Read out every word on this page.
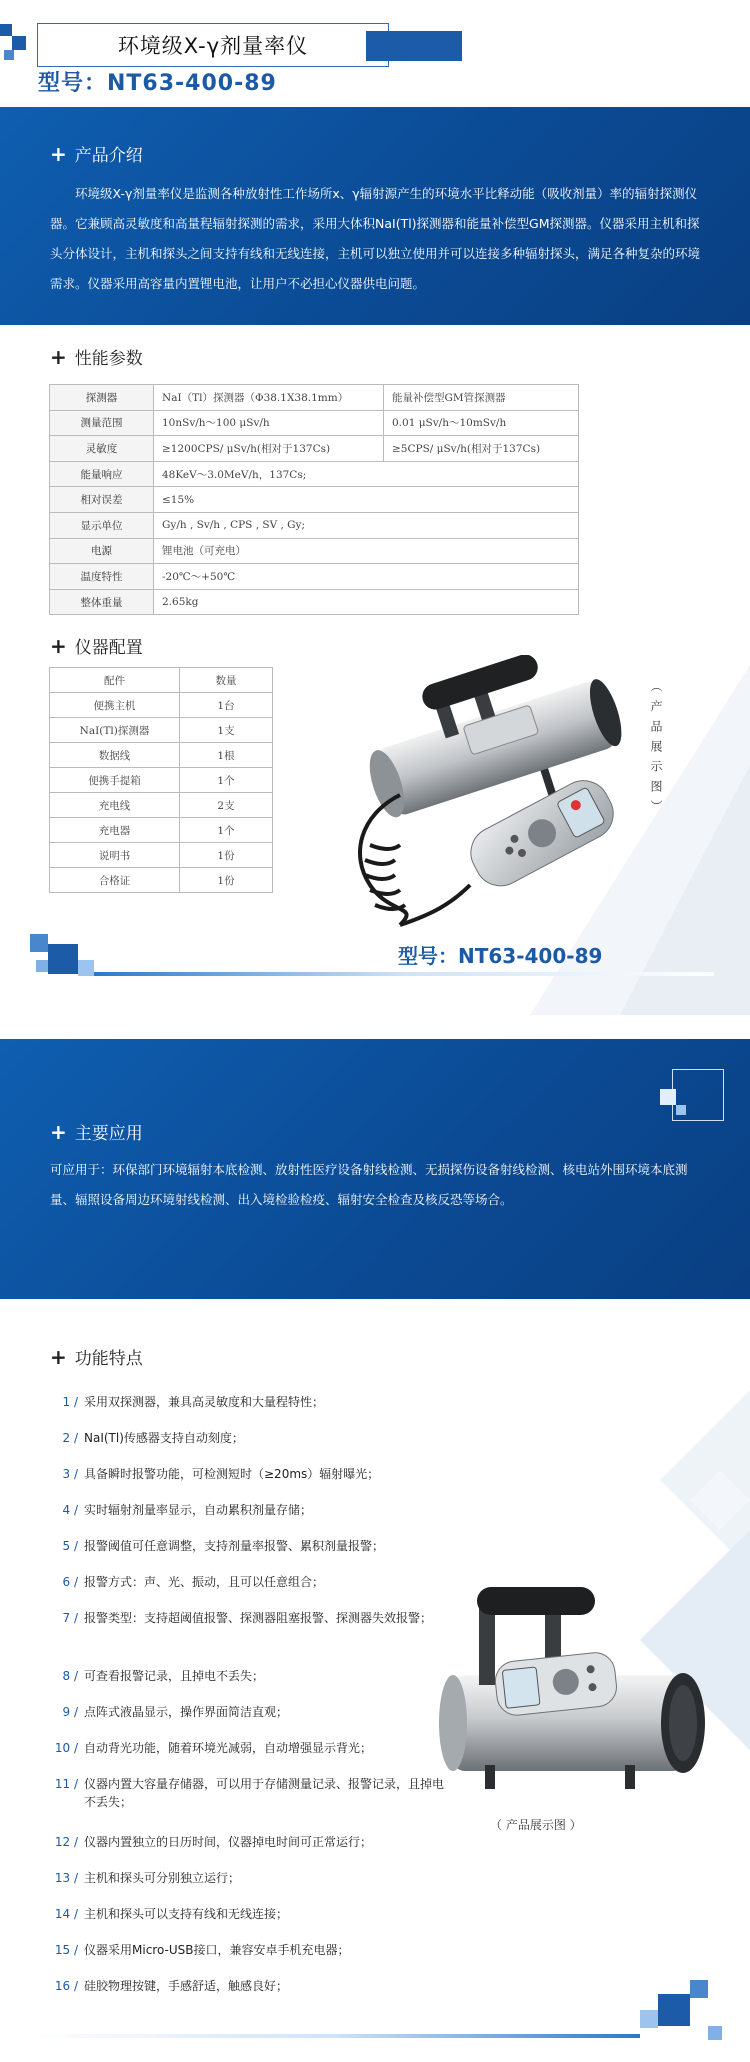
环境级X-γ剂量率仪
型号：NT63-400-89
+ 产品介绍
环境级X-γ剂量率仪是监测各种放射性工作场所x、γ辐射源产生的环境水平比释动能（吸收剂量）率的辐射探测仪器。它兼顾高灵敏度和高量程辐射探测的需求，采用大体积NaI(Tl)探测器和能量补偿型GM探测器。仪器采用主机和探头分体设计，主机和探头之间支持有线和无线连接，主机可以独立使用并可以连接多种辐射探头，满足各种复杂的环境需求。仪器采用高容量内置锂电池，让用户不必担心仪器供电问题。
+ 性能参数
探测器	NaI（Tl）探测器（Φ38.1Χ38.1mm）	能量补偿型GM管探测器
测量范围	10nSv/h～100 μSv/h	0.01 μSv/h～10mSv/h
灵敏度	≥1200CPS/ μSv/h(相对于137Cs)	≥5CPS/ μSv/h(相对于137Cs)
能量响应	48KeV～3.0MeV/h，137Cs;	
相对误差	≤15%	
显示单位	Gy/h , Sv/h , CPS , SV , Gy;	
电源	锂电池（可充电）	
温度特性	-20℃～+50℃	
整体重量	2.65kg	
+ 仪器配置
配件	数量
便携主机	1台
NaI(Tl)探测器	1支
数据线	1根
便携手提箱	1个
充电线	2支
充电器	1个
说明书	1份
合格证	1份
（产品展示图）
型号：NT63-400-89
+ 主要应用
可应用于：环保部门环境辐射本底检测、放射性医疗设备射线检测、无损探伤设备射线检测、核电站外围环境本底测量、辐照设备周边环境射线检测、出入境检验检疫、辐射安全检查及核反恐等场合。
+ 功能特点
1 / 采用双探测器，兼具高灵敏度和大量程特性；
2 / NaI(Tl)传感器支持自动刻度；
3 / 具备瞬时报警功能，可检测短时（≥20ms）辐射曝光；
4 / 实时辐射剂量率显示，自动累积剂量存储；
5 / 报警阈值可任意调整，支持剂量率报警、累积剂量报警；
6 / 报警方式：声、光、振动，且可以任意组合；
7 / 报警类型：支持超阈值报警、探测器阻塞报警、探测器失效报警；
8 / 可查看报警记录，且掉电不丢失；
9 / 点阵式液晶显示，操作界面简洁直观；
10 / 自动背光功能，随着环境光减弱，自动增强显示背光；
11 / 仪器内置大容量存储器，可以用于存储测量记录、报警记录，且掉电不丢失；
12 / 仪器内置独立的日历时间，仪器掉电时间可正常运行；
13 / 主机和探头可分别独立运行；
14 / 主机和探头可以支持有线和无线连接；
15 / 仪器采用Micro-USB接口，兼容安卓手机充电器；
16 / 硅胶物理按键，手感舒适，触感良好；
（ 产品展示图 ）
